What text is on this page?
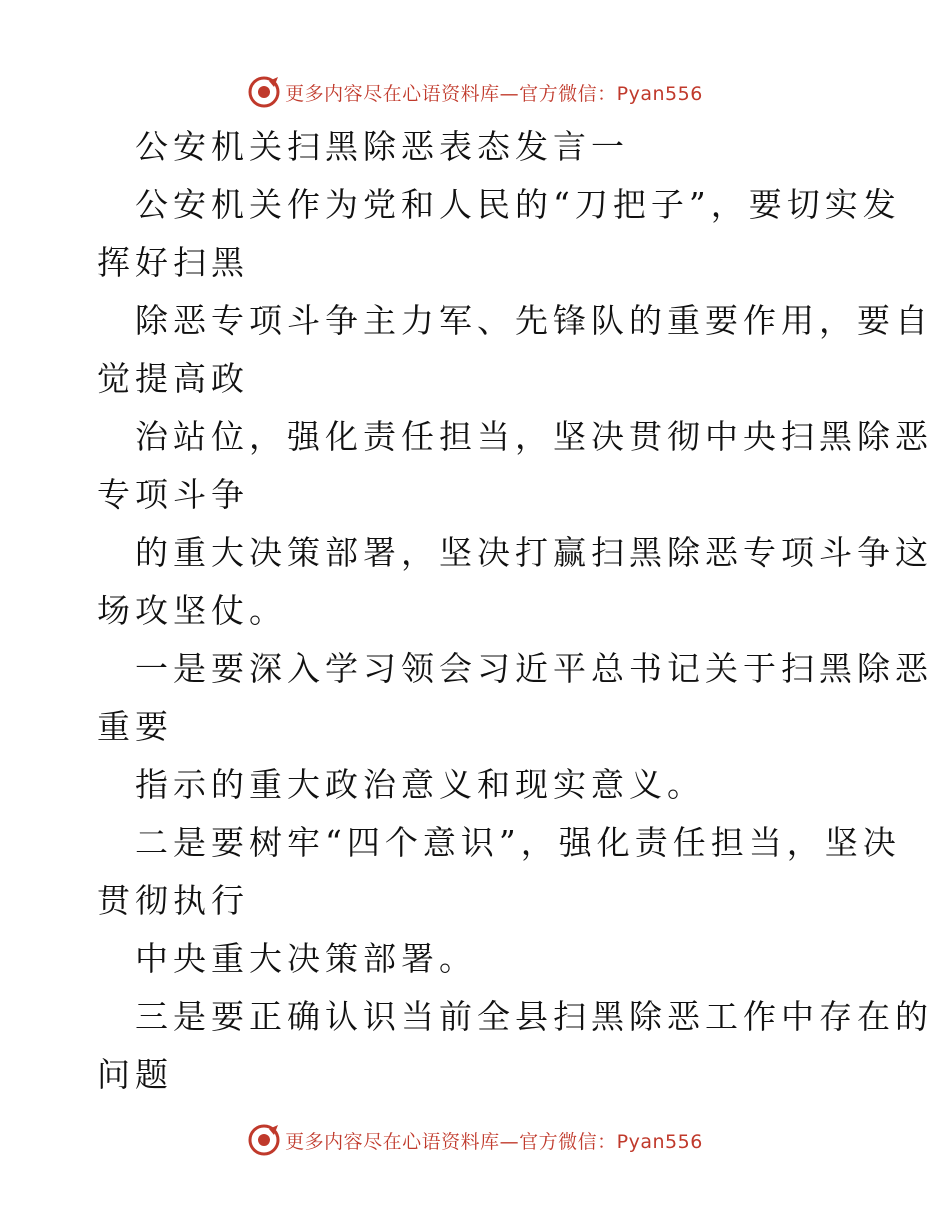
更多内容尽在心语资料库—官方微信：Pyan556
公安机关扫黑除恶表态发言一
公安机关作为党和人民的“刀把子”，要切实发
挥好扫黑
除恶专项斗争主力军、先锋队的重要作用，要自
觉提高政
治站位，强化责任担当，坚决贯彻中央扫黑除恶
专项斗争
的重大决策部署，坚决打赢扫黑除恶专项斗争这
场攻坚仗。
一是要深入学习领会习近平总书记关于扫黑除恶
重要
指示的重大政治意义和现实意义。
二是要树牢“四个意识”，强化责任担当，坚决
贯彻执行
中央重大决策部署。
三是要正确认识当前全县扫黑除恶工作中存在的
问题
更多内容尽在心语资料库—官方微信：Pyan556
